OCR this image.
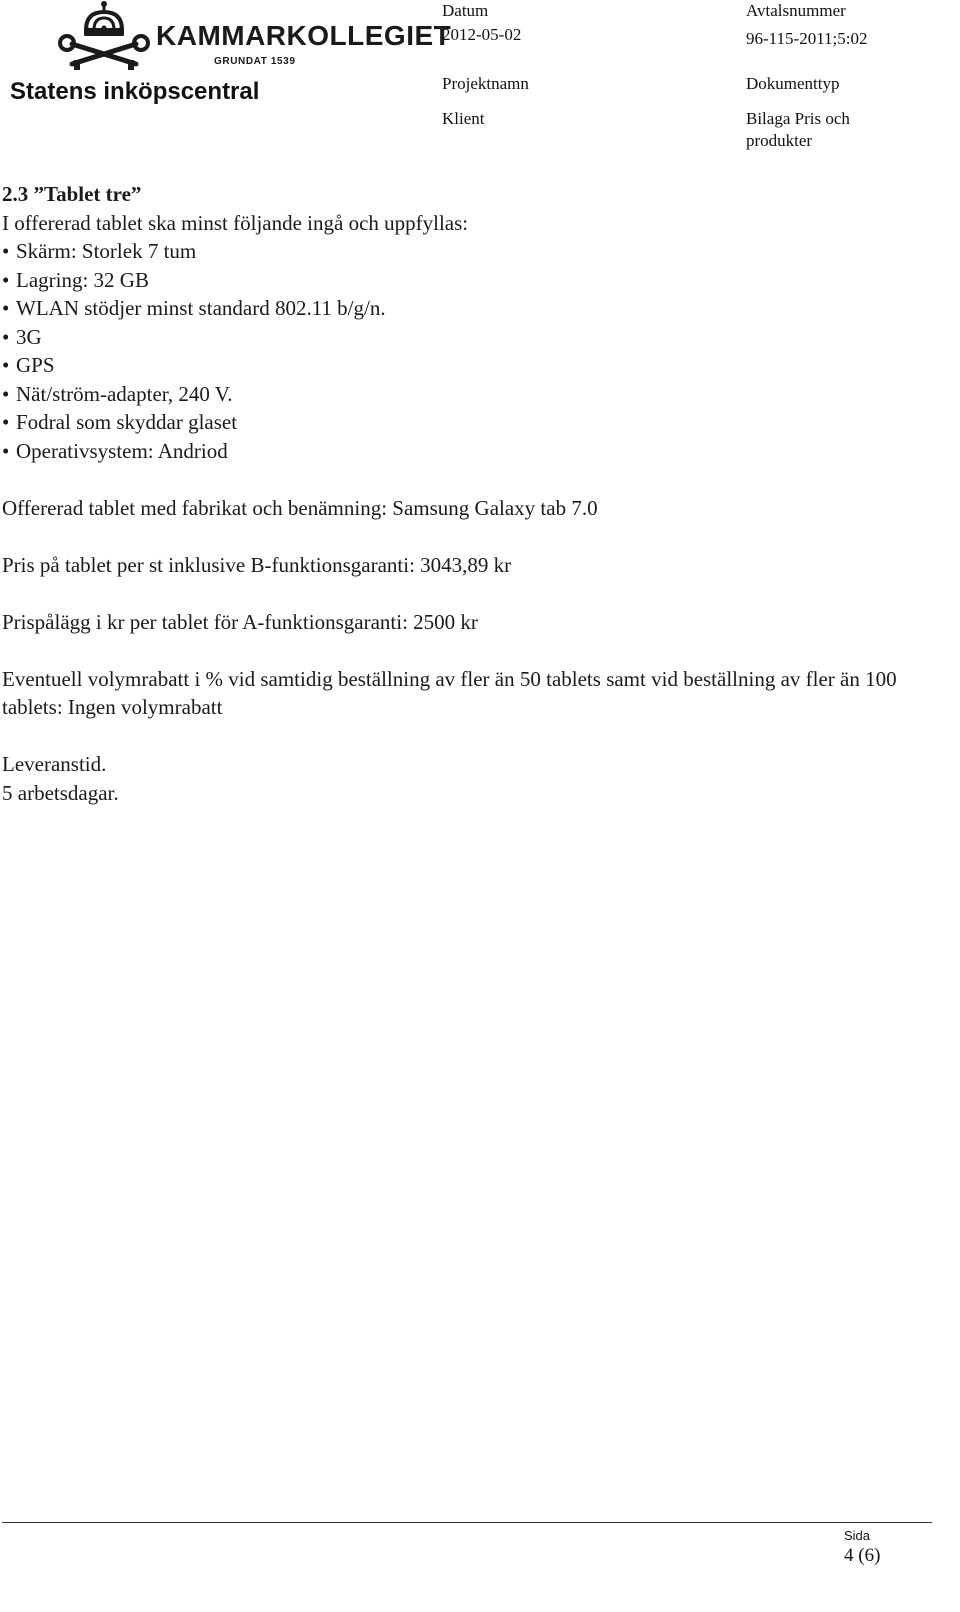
KAMMARKOLLEGIET
GRUNDAT 1539
Statens inköpscentral
Datum
2012-05-02
Avtalsnummer
96-115-2011;5:02
Projektnamn	Dokumenttyp
Klient	Bilaga Pris och produkter

2.3 ”Tablet tre”

I offererad tablet ska minst följande ingå och uppfyllas:

• Skärm: Storlek 7 tum
• Lagring: 32 GB
• WLAN stödjer minst standard 802.11 b/g/n.
• 3G
• GPS
• Nät/ström-adapter, 240 V.
• Fodral som skyddar glaset
• Operativsystem: Andriod

Offererad tablet med fabrikat och benämning: Samsung Galaxy tab 7.0

Pris på tablet per st inklusive B-funktionsgaranti: 3043,89 kr

Prispålägg i kr per tablet för A-funktionsgaranti: 2500 kr

Eventuell volymrabatt i % vid samtidig beställning av fler än 50 tablets samt vid beställning av fler än 100 tablets: Ingen volymrabatt

Leveranstid.

5 arbetsdagar.

Sida
4 (6)
